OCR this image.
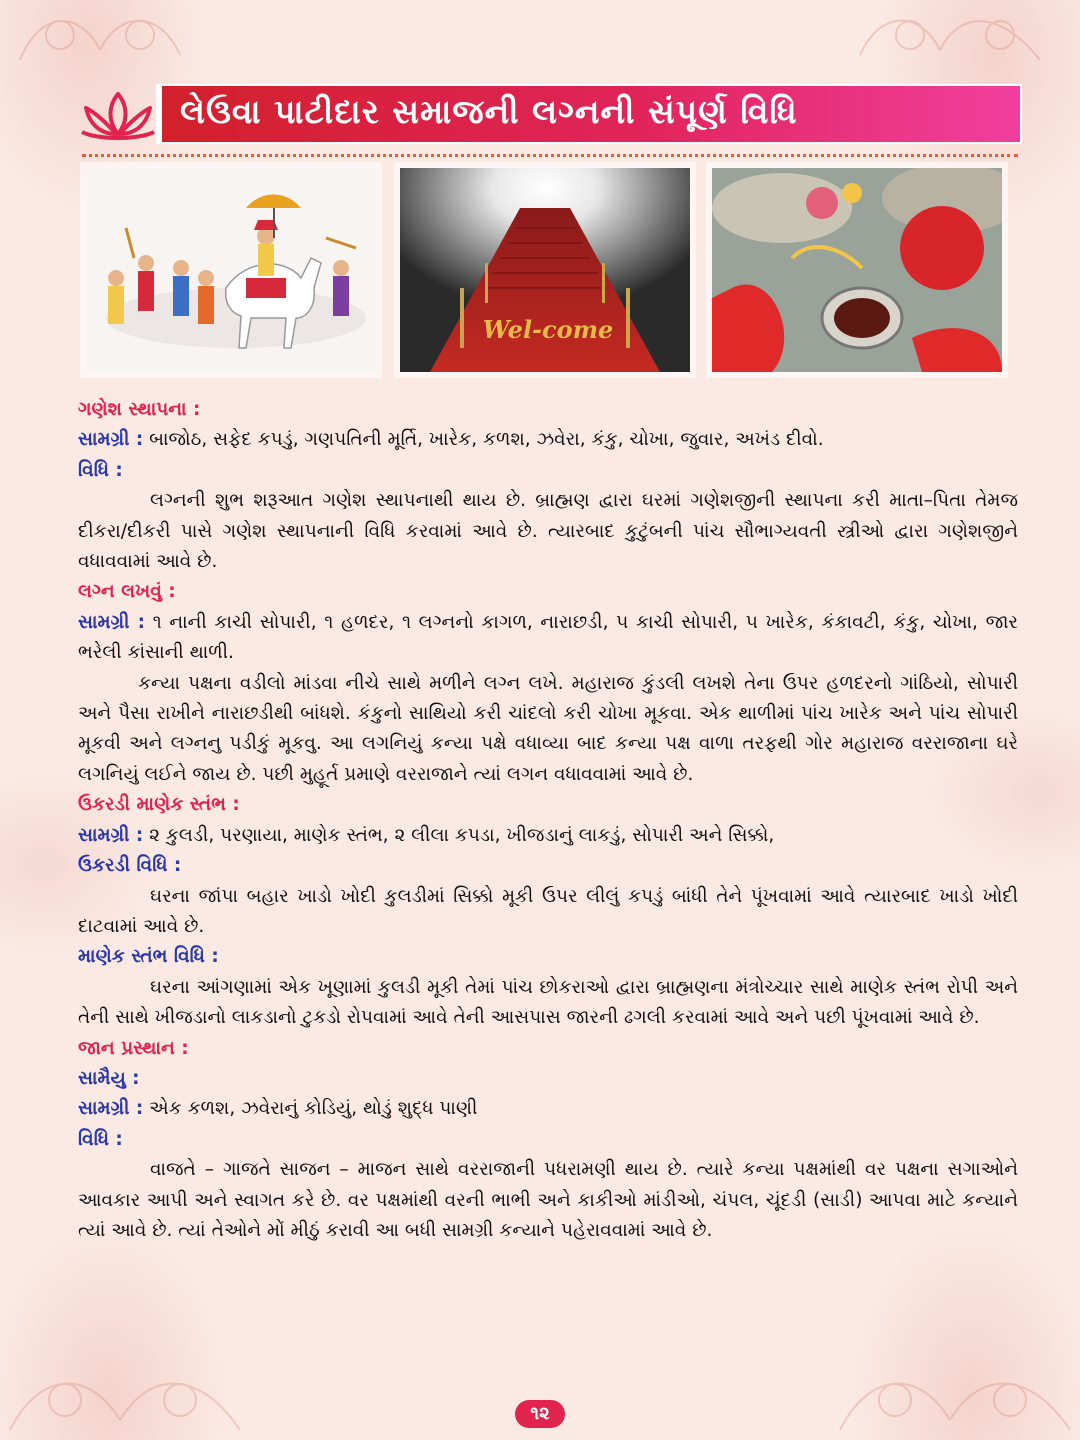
લેઉવા પાટીદાર સમાજની લગ્નની સંપૂર્ણ વિધિ
Wel-come
ગણેશ સ્થાપના :
સામગ્રી : બાજોઠ, સફેદ કપડું, ગણપતિની મૂર્તિ, ખારેક, કળશ, ઝવેરા, કંકુ, ચોખા, જુવાર, અખંડ દીવો.
વિધિ :

લગ્નની શુભ શરૂઆત ગણેશ સ્થાપનાથી થાય છે. બ્રાહ્મણ દ્વારા ઘરમાં ગણેશજીની સ્થાપના કરી માતા–પિતા તેમજ દીકરા/દીકરી પાસે ગણેશ સ્થાપનાની વિધિ કરવામાં આવે છે. ત્યારબાદ કુટુંબની પાંચ સૌભાગ્યવતી સ્ત્રીઓ દ્વારા ગણેશજીને વધાવવામાં આવે છે.

લગ્ન લખવું :

સામગ્રી : ૧ નાની કાચી સોપારી, ૧ હળદર, ૧ લગ્નનો કાગળ, નારાછડી, ૫ કાચી સોપારી, ૫ ખારેક, કંકાવટી, કંકુ, ચોખા, જાર ભરેલી કાંસાની થાળી.

કન્યા પક્ષના વડીલો માંડવા નીચે સાથે મળીને લગ્ન લખે. મહારાજ કુંડલી લખશે તેના ઉપર હળદરનો ગાંઠિયો, સોપારી અને પૈસા રાખીને નારાછડીથી બાંધશે. કંકુનો સાથિયો કરી ચાંદલો કરી ચોખા મૂકવા. એક થાળીમાં પાંચ ખારેક અને પાંચ સોપારી મૂકવી અને લગ્નનુ પડીકું મૂકવુ. આ લગનિયું કન્યા પક્ષે વધાવ્યા બાદ કન્યા પક્ષ વાળા તરફથી ગોર મહારાજ વરરાજાના ઘરે લગનિયું લઈને જાય છે. પછી મુહૂર્ત પ્રમાણે વરરાજાને ત્યાં લગન વધાવવામાં આવે છે.

ઉકરડી માણેક સ્તંભ :
સામગ્રી : ૨ કુલડી, પરણાયા, માણેક સ્તંભ, ૨ લીલા કપડા, ખીજડાનું લાકડું, સોપારી અને સિક્કો,
ઉકરડી વિધિ :

ઘરના જાંપા બહાર ખાડો ખોદી કુલડીમાં સિક્કો મૂકી ઉપર લીલું કપડું બાંધી તેને પૂંખવામાં આવે ત્યારબાદ ખાડો ખોદી દાટવામાં આવે છે.

માણેક સ્તંભ વિધિ :

ઘરના આંગણામાં એક ખૂણામાં કુલડી મૂકી તેમાં પાંચ છોકરાઓ દ્વારા બ્રાહ્મણના મંત્રોચ્ચાર સાથે માણેક સ્તંભ રોપી અને તેની સાથે ખીજડાનો લાકડાનો ટુકડો રોપવામાં આવે તેની આસપાસ જારની ઢગલી કરવામાં આવે અને પછી પૂંખવામાં આવે છે.

જાન પ્રસ્થાન :
સામૈયુ :
સામગ્રી : એક કળશ, ઝવેરાનું કોડિયું, થોડું શુદ્ધ પાણી
વિધિ :

વાજતે – ગાજતે સાજન – માજન સાથે વરરાજાની પધરામણી થાય છે. ત્યારે કન્યા પક્ષમાંથી વર પક્ષના સગાઓને આવકાર આપી અને સ્વાગત કરે છે. વર પક્ષમાંથી વરની ભાભી અને કાકીઓ માંડીઓ, ચંપલ, ચૂંદડી (સાડી) આપવા માટે કન્યાને ત્યાં આવે છે. ત્યાં તેઓને મોં મીઠું કરાવી આ બધી સામગ્રી કન્યાને પહેરાવવામાં આવે છે.

૧૨
